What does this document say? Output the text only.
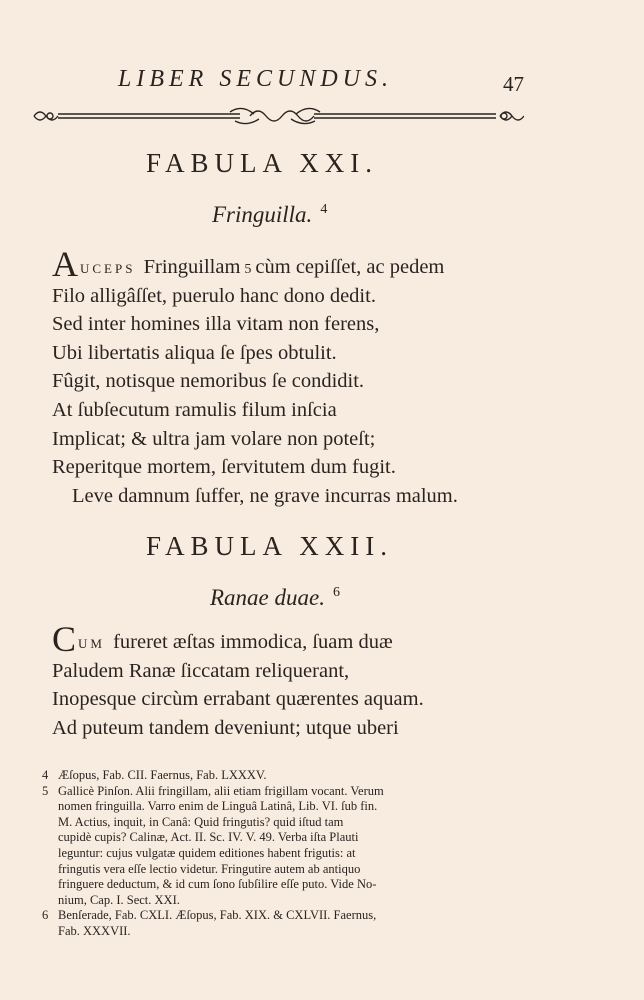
LIBER SECUNDUS.	47
FABULA XXI.
Fringuilla. $^4$
AUCEPS Fringuillam 5 cùm cepiſſet, ac pedem
Filo alligâſſet, puerulo hanc dono dedit.
Sed inter homines illa vitam non ferens,
Ubi libertatis aliqua ſe ſpes obtulit.
Fûgit, notisque nemoribus ſe condidit.
At ſubſecutum ramulis filum inſcia
Implicat; & ultra jam volare non poteſt;
Reperitque mortem, ſervitutem dum fugit.
Leve damnum ſuffer, ne grave incurras malum.
FABULA XXII.
Ranae duae. $^6$
CUM fureret æſtas immodica, ſuam duæ
Paludem Ranæ ſiccatam reliquerant,
Inopesque circùm errabant quærentes aquam.
Ad puteum tandem deveniunt; utque uberi
4 Æſopus, Fab. CII. Faernus, Fab. LXXXV.
5 Gallicè Pinſon. Alii fringillam, alii etiam frigillam vocant. Verum
nomen fringuilla. Varro enim de Linguâ Latinâ, Lib. VI. ſub fin.
M. Actius, inquit, in Canâ: Quid fringutis? quid iſtud tam
cupidè cupis? Calinæ, Act. II. Sc. IV. V. 49. Verba iſta Plauti
leguntur: cujus vulgatæ quidem editiones habent frigutis: at
fringutis vera eſſe lectio videtur. Fringutire autem ab antiquo
fringuere deductum, & id cum ſono ſubſilire eſſe puto. Vide No-
nium, Cap. I. Sect. XXI.
6 Benſerade, Fab. CXLI. Æſopus, Fab. XIX. & CXLVII. Faernus,
Fab. XXXVII.
